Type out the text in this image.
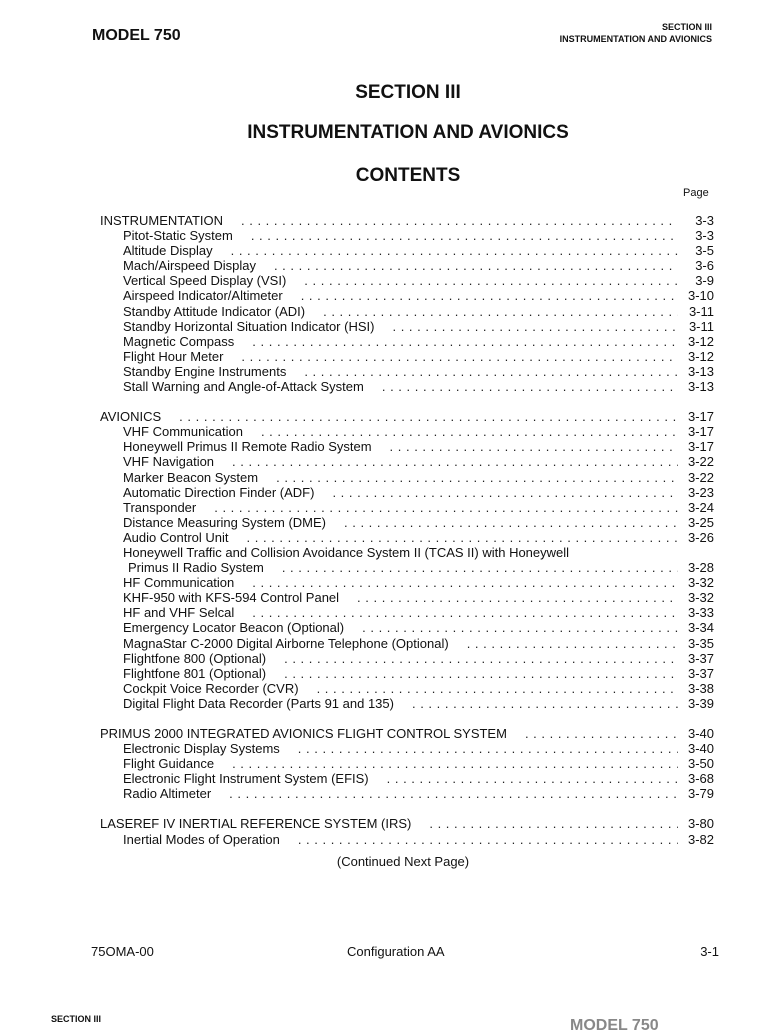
MODEL 750	SECTION III
INSTRUMENTATION AND AVIONICS
SECTION III
INSTRUMENTATION AND AVIONICS
CONTENTS
Page
INSTRUMENTATION . . .	3-3
Pitot-Static System . . .	3-3
Altitude Display . . .	3-5
Mach/Airspeed Display . . .	3-6
Vertical Speed Display (VSI) . . .	3-9
Airspeed Indicator/Altimeter . . .	3-10
Standby Attitude Indicator (ADI) . . .	3-11
Standby Horizontal Situation Indicator (HSI) . . .	3-11
Magnetic Compass . . .	3-12
Flight Hour Meter . . .	3-12
Standby Engine Instruments . . .	3-13
Stall Warning and Angle-of-Attack System . . .	3-13
AVIONICS . . .	3-17
VHF Communication . . .	3-17
Honeywell Primus II Remote Radio System . . .	3-17
VHF Navigation . . .	3-22
Marker Beacon System . . .	3-22
Automatic Direction Finder (ADF) . . .	3-23
Transponder . . .	3-24
Distance Measuring System (DME) . . .	3-25
Audio Control Unit . . .	3-26
Honeywell Traffic and Collision Avoidance System II (TCAS II) with Honeywell
Primus II Radio System . . .	3-28
HF Communication . . .	3-32
KHF-950 with KFS-594 Control Panel . . .	3-32
HF and VHF Selcal . . .	3-33
Emergency Locator Beacon (Optional) . . .	3-34
MagnaStar C-2000 Digital Airborne Telephone (Optional) . . .	3-35
Flightfone 800 (Optional) . . .	3-37
Flightfone 801 (Optional) . . .	3-37
Cockpit Voice Recorder (CVR) . . .	3-38
Digital Flight Data Recorder (Parts 91 and 135) . . .	3-39
PRIMUS 2000 INTEGRATED AVIONICS FLIGHT CONTROL SYSTEM . . .	3-40
Electronic Display Systems . . .	3-40
Flight Guidance . . .	3-50
Electronic Flight Instrument System (EFIS) . . .	3-68
Radio Altimeter . . .	3-79
LASEREF IV INERTIAL REFERENCE SYSTEM (IRS) . . .	3-80
Inertial Modes of Operation . . .	3-82
(Continued Next Page)
75OMA-00	Configuration AA	3-1
SECTION III	MODEL 750
